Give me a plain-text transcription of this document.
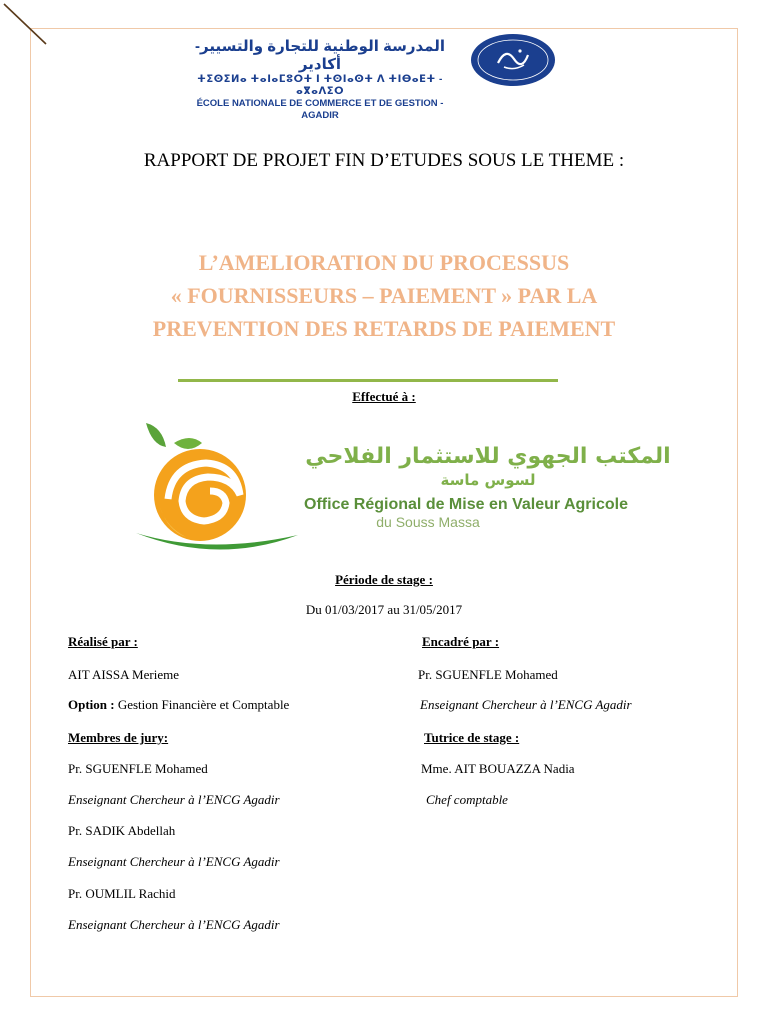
المدرسة الوطنية للتجارة والتسيير-أكادير
ⵜⵉⵙⵉⵍⴰ ⵜⴰⵏⴰⵎⵓⵔⵜ ⵏ ⵜⵙⵏⴰⵙⵜ ⴷ ⵜⵏⴱⴰⴹⵜ - ⴰⴳⴰⴷⵉⵔ
ÉCOLE NATIONALE DE COMMERCE ET DE GESTION - AGADIR
RAPPORT DE PROJET FIN D’ETUDES SOUS LE THEME :
L’AMELIORATION DU PROCESSUS
« FOURNISSEURS – PAIEMENT » PAR LA
PREVENTION DES RETARDS DE PAIEMENT
Effectué à :
المكتب الجهوي للاستثمار الفلاحي
لسوس ماسة
Office Régional de Mise en Valeur Agricole
du Souss Massa
Période de stage :
Du 01/03/2017 au 31/05/2017
Réalisé par :
AIT AISSA Merieme
Option : Gestion Financière et Comptable
Membres de jury:
Pr. SGUENFLE Mohamed
Enseignant Chercheur à l’ENCG Agadir
Pr. SADIK Abdellah
Enseignant Chercheur à l’ENCG Agadir
Pr. OUMLIL Rachid
Enseignant Chercheur à l’ENCG Agadir
Encadré par :
Pr. SGUENFLE Mohamed
Enseignant Chercheur à l’ENCG Agadir
Tutrice de stage :
Mme. AIT BOUAZZA Nadia
Chef comptable
